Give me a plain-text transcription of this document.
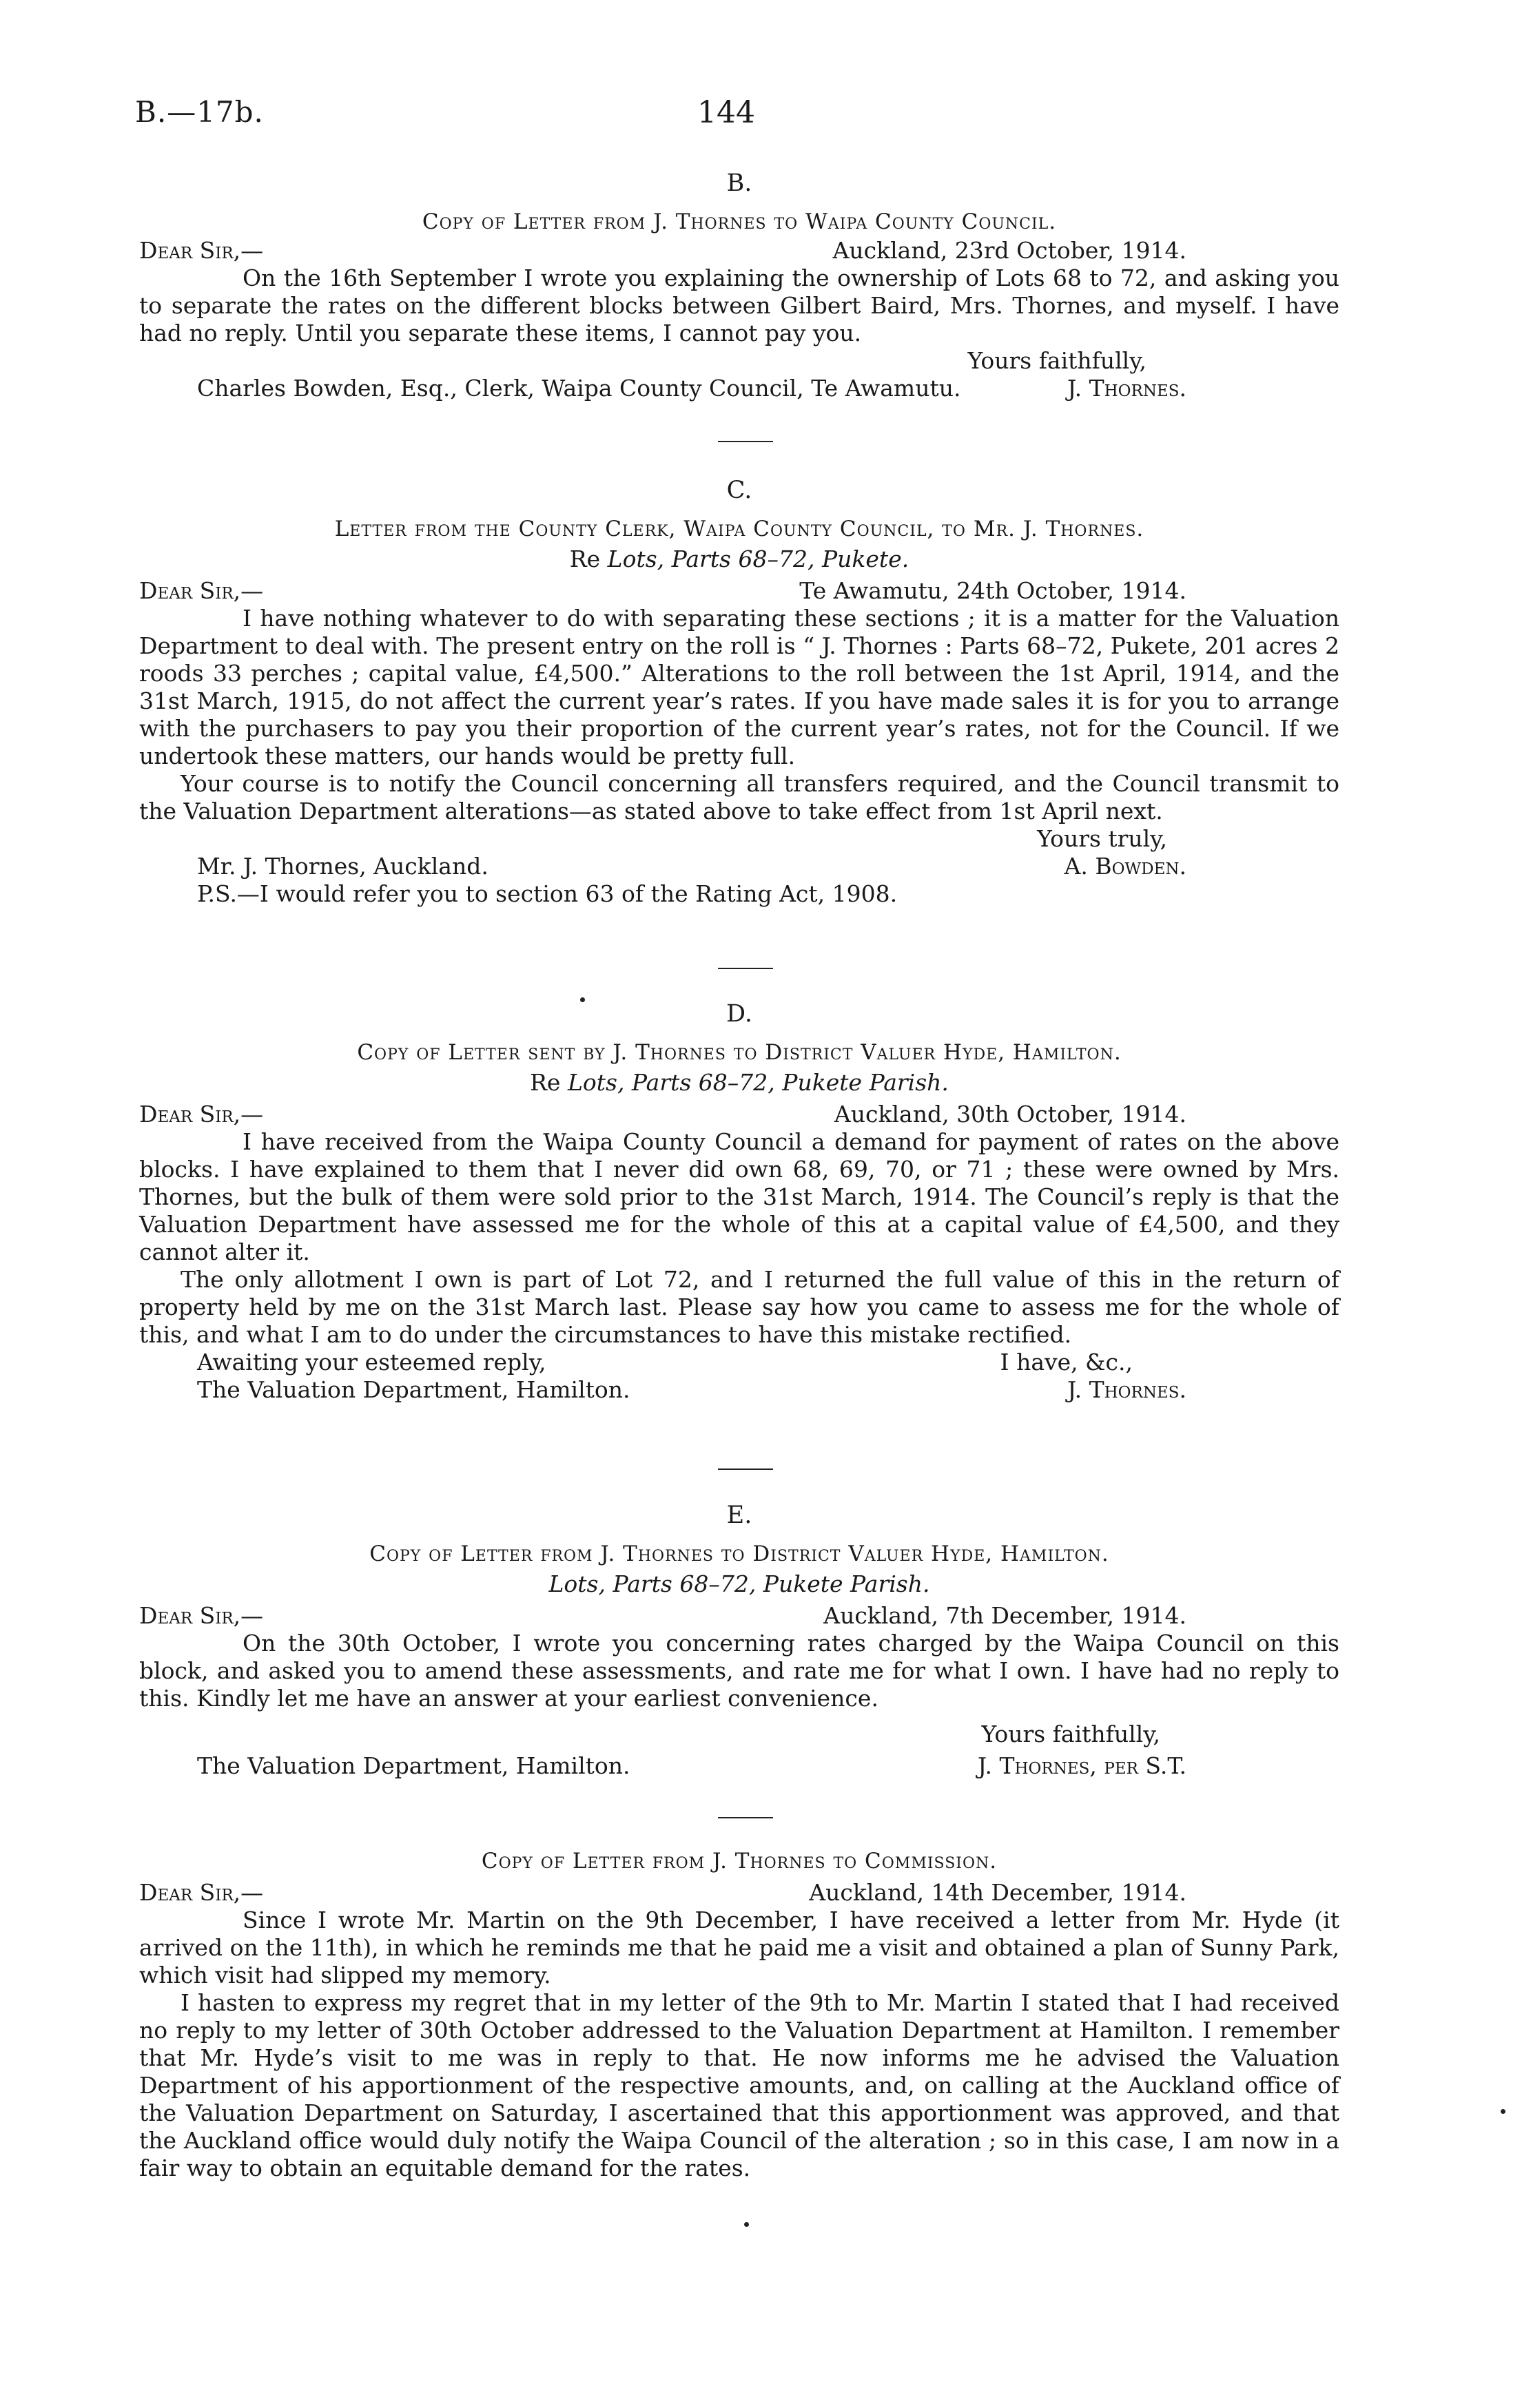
B.—17b.	144

B.

Copy of Letter from J. Thornes to Waipa County Council.

Dear Sir,—	Auckland, 23rd October, 1914.

On the 16th September I wrote you explaining the ownership of Lots 68 to 72, and asking you to separate the rates on the different blocks between Gilbert Baird, Mrs. Thornes, and myself. I have had no reply. Until you separate these items, I cannot pay you.

Yours faithfully,

Charles Bowden, Esq., Clerk, Waipa County Council, Te Awamutu.	J. Thornes.

C.

Letter from the County Clerk, Waipa County Council, to Mr. J. Thornes.

Re Lots, Parts 68–72, Pukete.

Dear Sir,—	Te Awamutu, 24th October, 1914.

I have nothing whatever to do with separating these sections ; it is a matter for the Valuation Department to deal with. The present entry on the roll is “ J. Thornes : Parts 68–72, Pukete, 201 acres 2 roods 33 perches ; capital value, £4,500.” Alterations to the roll between the 1st April, 1914, and the 31st March, 1915, do not affect the current year’s rates. If you have made sales it is for you to arrange with the purchasers to pay you their proportion of the current year’s rates, not for the Council. If we undertook these matters, our hands would be pretty full.

Your course is to notify the Council concerning all transfers required, and the Council transmit to the Valuation Department alterations—as stated above to take effect from 1st April next.

Yours truly,

Mr. J. Thornes, Auckland.	A. Bowden.

P.S.—I would refer you to section 63 of the Rating Act, 1908.

D.

Copy of Letter sent by J. Thornes to District Valuer Hyde, Hamilton.

Re Lots, Parts 68–72, Pukete Parish.

Dear Sir,—	Auckland, 30th October, 1914.

I have received from the Waipa County Council a demand for payment of rates on the above blocks. I have explained to them that I never did own 68, 69, 70, or 71 ; these were owned by Mrs. Thornes, but the bulk of them were sold prior to the 31st March, 1914. The Council’s reply is that the Valuation Department have assessed me for the whole of this at a capital value of £4,500, and they cannot alter it.

The only allotment I own is part of Lot 72, and I returned the full value of this in the return of property held by me on the 31st March last. Please say how you came to assess me for the whole of this, and what I am to do under the circumstances to have this mistake rectified.

Awaiting your esteemed reply,	I have, &c.,
The Valuation Department, Hamilton.	J. Thornes.

E.

Copy of Letter from J. Thornes to District Valuer Hyde, Hamilton.

Lots, Parts 68–72, Pukete Parish.

Dear Sir,—	Auckland, 7th December, 1914.

On the 30th October, I wrote you concerning rates charged by the Waipa Council on this block, and asked you to amend these assessments, and rate me for what I own. I have had no reply to this. Kindly let me have an answer at your earliest convenience.

Yours faithfully,

The Valuation Department, Hamilton.	J. Thornes, per S.T.

Copy of Letter from J. Thornes to Commission.

Dear Sir,—	Auckland, 14th December, 1914.

Since I wrote Mr. Martin on the 9th December, I have received a letter from Mr. Hyde (it arrived on the 11th), in which he reminds me that he paid me a visit and obtained a plan of Sunny Park, which visit had slipped my memory.

I hasten to express my regret that in my letter of the 9th to Mr. Martin I stated that I had received no reply to my letter of 30th October addressed to the Valuation Department at Hamilton. I remember that Mr. Hyde’s visit to me was in reply to that. He now informs me he advised the Valuation Department of his apportionment of the respective amounts, and, on calling at the Auckland office of the Valuation Department on Saturday, I ascertained that this apportionment was approved, and that the Auckland office would duly notify the Waipa Council of the alteration ; so in this case, I am now in a fair way to obtain an equitable demand for the rates.
